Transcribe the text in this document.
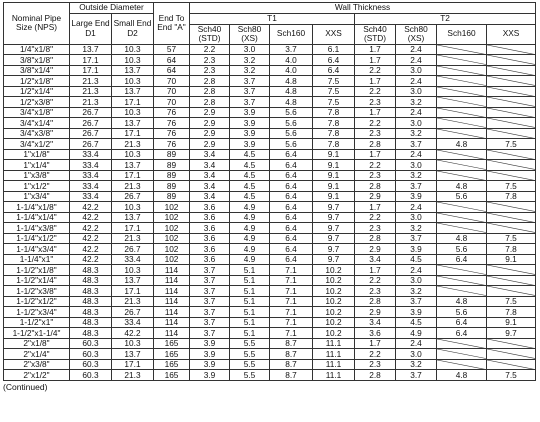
Nominal Pipe Size (NPS)	Outside Diameter		End To End "A"	Wall Thickness							
	Large End D1	Small End D2		T1				T2			
				Sch40 (STD)	Sch80 (XS)	Sch160	XXS	Sch40 (STD)	Sch80 (XS)	Sch160	XXS
1/4"x1/8"	13.7	10.3	57	2.2	3.0	3.7	6.1	1.7	2.4	

3/8"x1/8"	17.1	10.3	64	2.3	3.2	4.0	6.4	1.7	2.4	

3/8"x1/4"	17.1	13.7	64	2.3	3.2	4.0	6.4	2.2	3.0	

1/2"x1/8"	21.3	10.3	70	2.8	3.7	4.8	7.5	1.7	2.4	

1/2"x1/4"	21.3	13.7	70	2.8	3.7	4.8	7.5	2.2	3.0	

1/2"x3/8"	21.3	17.1	70	2.8	3.7	4.8	7.5	2.3	3.2	

3/4"x1/8"	26.7	10.3	76	2.9	3.9	5.6	7.8	1.7	2.4	

3/4"x1/4"	26.7	13.7	76	2.9	3.9	5.6	7.8	2.2	3.0	

3/4"x3/8"	26.7	17.1	76	2.9	3.9	5.6	7.8	2.3	3.2	

3/4"x1/2"	26.7	21.3	76	2.9	3.9	5.6	7.8	2.8	3.7	4.8	7.5
1"x1/8"	33.4	10.3	89	3.4	4.5	6.4	9.1	1.7	2.4	

1"x1/4"	33.4	13.7	89	3.4	4.5	6.4	9.1	2.2	3.0	

1"x3/8"	33.4	17.1	89	3.4	4.5	6.4	9.1	2.3	3.2	

1"x1/2"	33.4	21.3	89	3.4	4.5	6.4	9.1	2.8	3.7	4.8	7.5
1"x3/4"	33.4	26.7	89	3.4	4.5	6.4	9.1	2.9	3.9	5.6	7.8
1-1/4"x1/8"	42.2	10.3	102	3.6	4.9	6.4	9.7	1.7	2.4	

1-1/4"x1/4"	42.2	13.7	102	3.6	4.9	6.4	9.7	2.2	3.0	

1-1/4"x3/8"	42.2	17.1	102	3.6	4.9	6.4	9.7	2.3	3.2	

1-1/4"x1/2"	42.2	21.3	102	3.6	4.9	6.4	9.7	2.8	3.7	4.8	7.5
1-1/4"x3/4"	42.2	26.7	102	3.6	4.9	6.4	9.7	2.9	3.9	5.6	7.8
1-1/4"x1"	42.2	33.4	102	3.6	4.9	6.4	9.7	3.4	4.5	6.4	9.1
1-1/2"x1/8"	48.3	10.3	114	3.7	5.1	7.1	10.2	1.7	2.4	

1-1/2"x1/4"	48.3	13.7	114	3.7	5.1	7.1	10.2	2.2	3.0	

1-1/2"x3/8"	48.3	17.1	114	3.7	5.1	7.1	10.2	2.3	3.2	

1-1/2"x1/2"	48.3	21.3	114	3.7	5.1	7.1	10.2	2.8	3.7	4.8	7.5
1-1/2"x3/4"	48.3	26.7	114	3.7	5.1	7.1	10.2	2.9	3.9	5.6	7.8
1-1/2"x1"	48.3	33.4	114	3.7	5.1	7.1	10.2	3.4	4.5	6.4	9.1
1-1/2"x1-1/4"	48.3	42.2	114	3.7	5.1	7.1	10.2	3.6	4.9	6.4	9.7
2"x1/8"	60.3	10.3	165	3.9	5.5	8.7	11.1	1.7	2.4	

2"x1/4"	60.3	13.7	165	3.9	5.5	8.7	11.1	2.2	3.0	

2"x3/8"	60.3	17.1	165	3.9	5.5	8.7	11.1	2.3	3.2	

2"x1/2"	60.3	21.3	165	3.9	5.5	8.7	11.1	2.8	3.7	4.8	7.5
(Continued)
